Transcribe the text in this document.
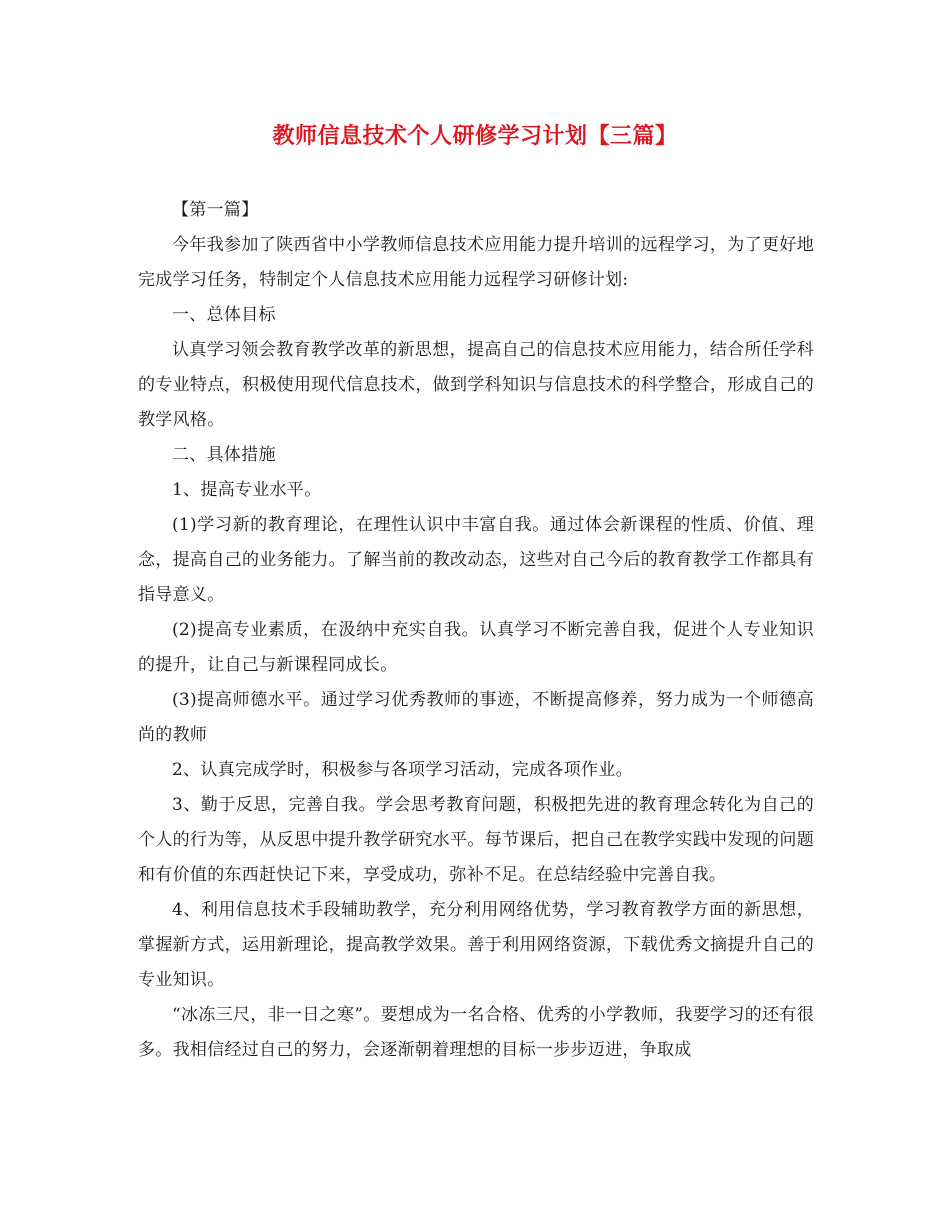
教师信息技术个人研修学习计划【三篇】

【第一篇】

今年我参加了陕西省中小学教师信息技术应用能力提升培训的远程学习，为了更好地完成学习任务，特制定个人信息技术应用能力远程学习研修计划:

一、总体目标

认真学习领会教育教学改革的新思想，提高自己的信息技术应用能力，结合所任学科的专业特点，积极使用现代信息技术，做到学科知识与信息技术的科学整合，形成自己的教学风格。

二、具体措施

1、提高专业水平。

(1)学习新的教育理论，在理性认识中丰富自我。通过体会新课程的性质、价值、理念，提高自己的业务能力。了解当前的教改动态，这些对自己今后的教育教学工作都具有指导意义。

(2)提高专业素质，在汲纳中充实自我。认真学习不断完善自我，促进个人专业知识的提升，让自己与新课程同成长。

(3)提高师德水平。通过学习优秀教师的事迹，不断提高修养，努力成为一个师德高尚的教师

2、认真完成学时，积极参与各项学习活动，完成各项作业。

3、勤于反思，完善自我。学会思考教育问题，积极把先进的教育理念转化为自己的个人的行为等，从反思中提升教学研究水平。每节课后，把自己在教学实践中发现的问题和有价值的东西赶快记下来，享受成功，弥补不足。在总结经验中完善自我。

4、利用信息技术手段辅助教学，充分利用网络优势，学习教育教学方面的新思想，掌握新方式，运用新理论，提高教学效果。善于利用网络资源，下载优秀文摘提升自己的专业知识。

“冰冻三尺，非一日之寒”。要想成为一名合格、优秀的小学教师，我要学习的还有很多。我相信经过自己的努力，会逐渐朝着理想的目标一步步迈进，争取成
